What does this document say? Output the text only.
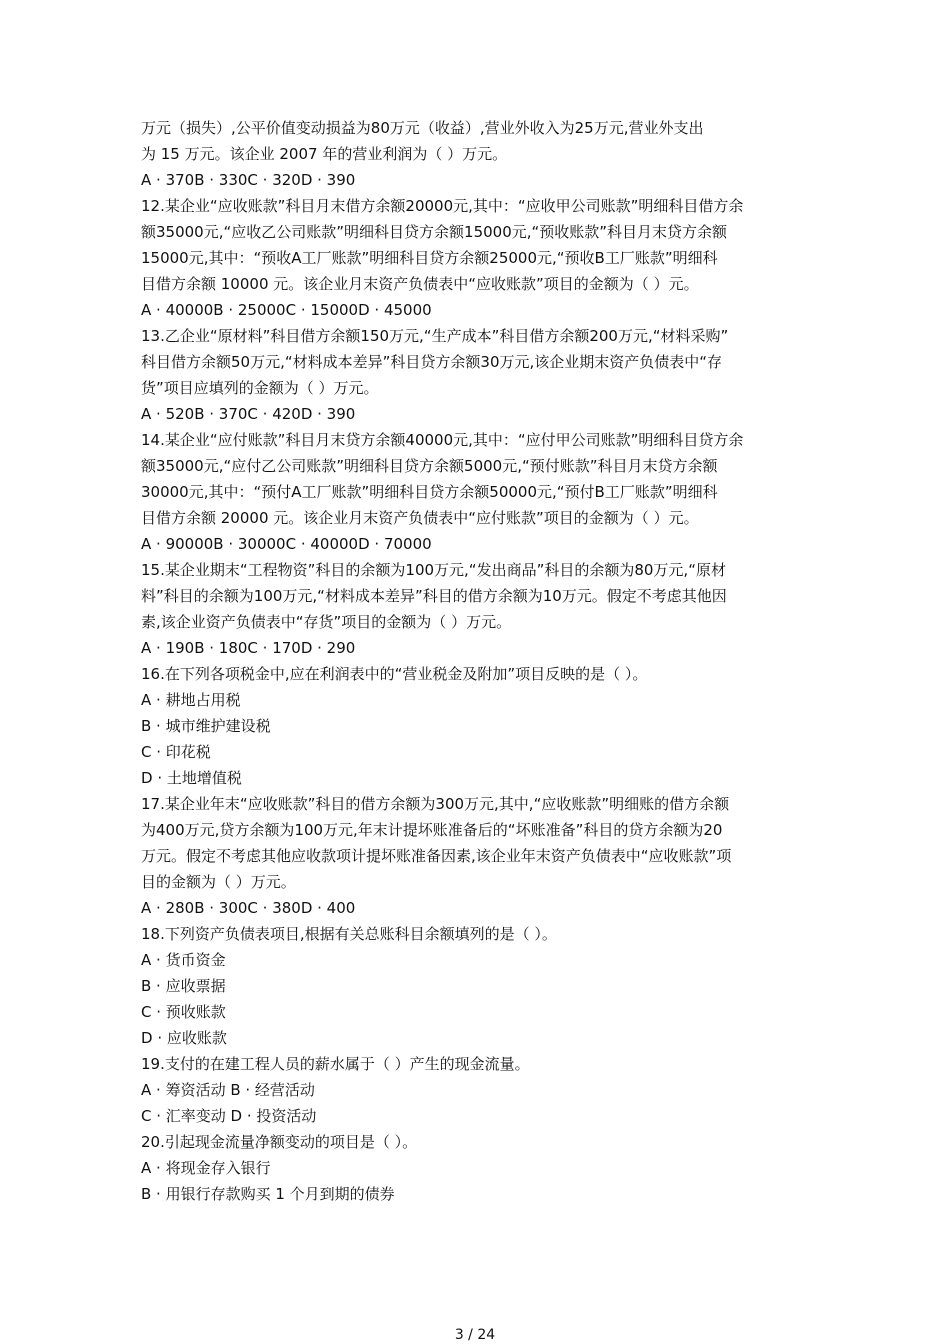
万元（损失）,公平价值变动损益为80万元（收益）,营业外收入为25万元,营业外支出
为 15 万元。该企业 2007 年的营业利润为（ ）万元。
A · 370B · 330C · 320D · 390
12.某企业“应收账款”科目月末借方余额20000元,其中：“应收甲公司账款”明细科目借方余
额35000元,“应收乙公司账款”明细科目贷方余额15000元,“预收账款”科目月末贷方余额
15000元,其中：“预收A工厂账款”明细科目贷方余额25000元,“预收B工厂账款”明细科
目借方余额 10000 元。该企业月末资产负债表中“应收账款”项目的金额为（ ）元。
A · 40000B · 25000C · 15000D · 45000
13.乙企业“原材料”科目借方余额150万元,“生产成本”科目借方余额200万元,“材料采购”
科目借方余额50万元,“材料成本差异”科目贷方余额30万元,该企业期末资产负债表中“存
货”项目应填列的金额为（ ）万元。
A · 520B · 370C · 420D · 390
14.某企业“应付账款”科目月末贷方余额40000元,其中：“应付甲公司账款”明细科目贷方余
额35000元,“应付乙公司账款”明细科目贷方余额5000元,“预付账款”科目月末贷方余额
30000元,其中：“预付A工厂账款”明细科目贷方余额50000元,“预付B工厂账款”明细科
目借方余额 20000 元。该企业月末资产负债表中“应付账款”项目的金额为（ ）元。
A · 90000B · 30000C · 40000D · 70000
15.某企业期末“工程物资”科目的余额为100万元,“发出商品”科目的余额为80万元,“原材
料”科目的余额为100万元,“材料成本差异”科目的借方余额为10万元。假定不考虑其他因
素,该企业资产负债表中“存货”项目的金额为（ ）万元。
A · 190B · 180C · 170D · 290
16.在下列各项税金中,应在利润表中的“营业税金及附加”项目反映的是（ ）。
A · 耕地占用税
B · 城市维护建设税
C · 印花税
D · 土地增值税
17.某企业年末“应收账款”科目的借方余额为300万元,其中,“应收账款”明细账的借方余额
为400万元,贷方余额为100万元,年末计提坏账准备后的“坏账准备”科目的贷方余额为20
万元。假定不考虑其他应收款项计提坏账准备因素,该企业年末资产负债表中“应收账款”项
目的金额为（ ）万元。
A · 280B · 300C · 380D · 400
18.下列资产负债表项目,根据有关总账科目余额填列的是（ ）。
A · 货币资金
B · 应收票据
C · 预收账款
D · 应收账款
19.支付的在建工程人员的薪水属于（ ）产生的现金流量。
A · 筹资活动 B · 经营活动
C · 汇率变动 D · 投资活动
20.引起现金流量净额变动的项目是（ ）。
A · 将现金存入银行
B · 用银行存款购买 1 个月到期的债券
3 / 24
